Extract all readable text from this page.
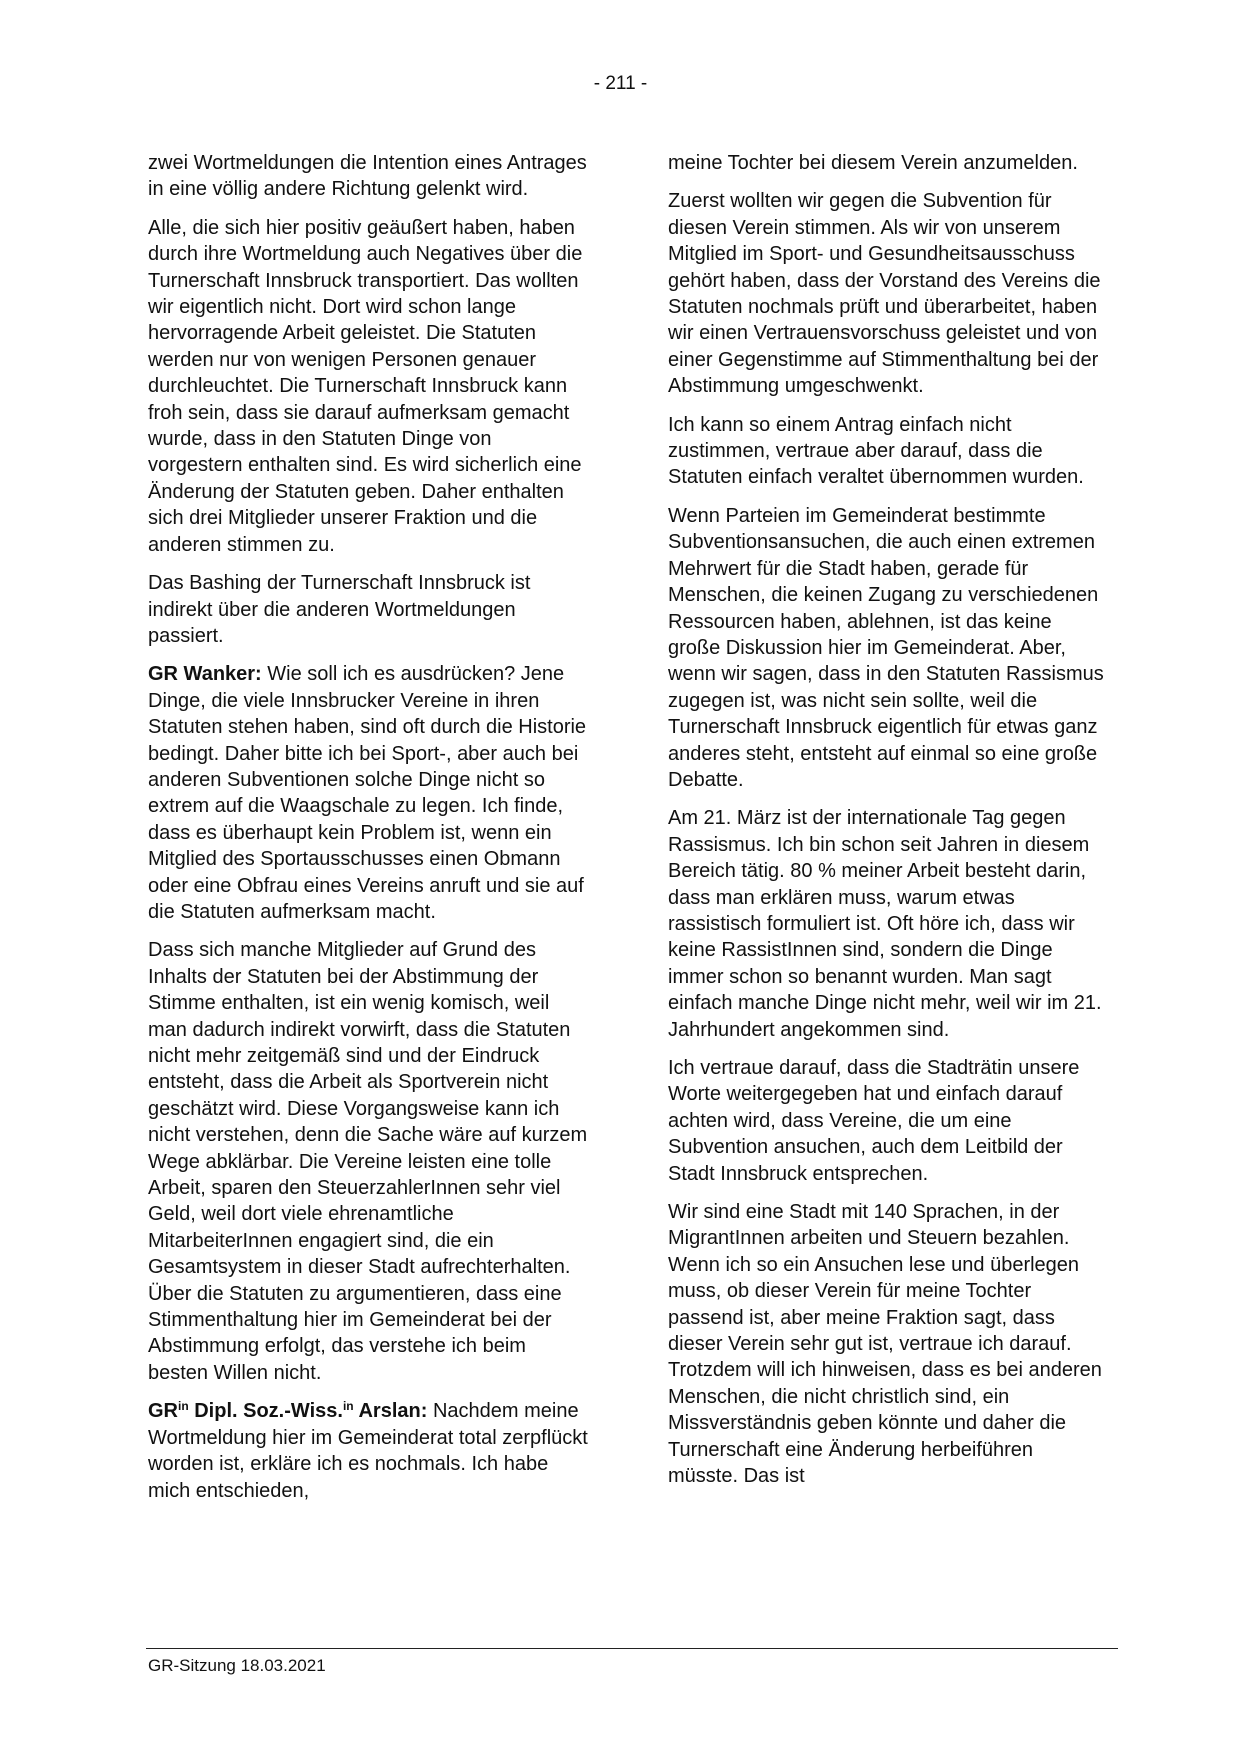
- 211 -

zwei Wortmeldungen die Intention eines Antrages in eine völlig andere Richtung gelenkt wird.

Alle, die sich hier positiv geäußert haben, haben durch ihre Wortmeldung auch Negatives über die Turnerschaft Innsbruck transportiert. Das wollten wir eigentlich nicht. Dort wird schon lange hervorragende Arbeit geleistet. Die Statuten werden nur von wenigen Personen genauer durchleuchtet. Die Turnerschaft Innsbruck kann froh sein, dass sie darauf aufmerksam gemacht wurde, dass in den Statuten Dinge von vorgestern enthalten sind. Es wird sicherlich eine Änderung der Statuten geben. Daher enthalten sich drei Mitglieder unserer Fraktion und die anderen stimmen zu.

Das Bashing der Turnerschaft Innsbruck ist indirekt über die anderen Wortmeldungen passiert.

GR Wanker: Wie soll ich es ausdrücken? Jene Dinge, die viele Innsbrucker Vereine in ihren Statuten stehen haben, sind oft durch die Historie bedingt. Daher bitte ich bei Sport-, aber auch bei anderen Subventionen solche Dinge nicht so extrem auf die Waagschale zu legen. Ich finde, dass es überhaupt kein Problem ist, wenn ein Mitglied des Sportausschusses einen Obmann oder eine Obfrau eines Vereins anruft und sie auf die Statuten aufmerksam macht.

Dass sich manche Mitglieder auf Grund des Inhalts der Statuten bei der Abstimmung der Stimme enthalten, ist ein wenig komisch, weil man dadurch indirekt vorwirft, dass die Statuten nicht mehr zeitgemäß sind und der Eindruck entsteht, dass die Arbeit als Sportverein nicht geschätzt wird. Diese Vorgangsweise kann ich nicht verstehen, denn die Sache wäre auf kurzem Wege abklärbar. Die Vereine leisten eine tolle Arbeit, sparen den SteuerzahlerInnen sehr viel Geld, weil dort viele ehrenamtliche MitarbeiterInnen engagiert sind, die ein Gesamtsystem in dieser Stadt aufrechterhalten. Über die Statuten zu argumentieren, dass eine Stimmenthaltung hier im Gemeinderat bei der Abstimmung erfolgt, das verstehe ich beim besten Willen nicht.

$GR^{in}$ Dipl. Soz.-Wiss.$^{in}$ Arslan: Nachdem meine Wortmeldung hier im Gemeinderat total zerpflückt worden ist, erkläre ich es nochmals. Ich habe mich entschieden,

meine Tochter bei diesem Verein anzumelden.

Zuerst wollten wir gegen die Subvention für diesen Verein stimmen. Als wir von unserem Mitglied im Sport- und Gesundheitsausschuss gehört haben, dass der Vorstand des Vereins die Statuten nochmals prüft und überarbeitet, haben wir einen Vertrauensvorschuss geleistet und von einer Gegenstimme auf Stimmenthaltung bei der Abstimmung umgeschwenkt.

Ich kann so einem Antrag einfach nicht zustimmen, vertraue aber darauf, dass die Statuten einfach veraltet übernommen wurden.

Wenn Parteien im Gemeinderat bestimmte Subventionsansuchen, die auch einen extremen Mehrwert für die Stadt haben, gerade für Menschen, die keinen Zugang zu verschiedenen Ressourcen haben, ablehnen, ist das keine große Diskussion hier im Gemeinderat. Aber, wenn wir sagen, dass in den Statuten Rassismus zugegen ist, was nicht sein sollte, weil die Turnerschaft Innsbruck eigentlich für etwas ganz anderes steht, entsteht auf einmal so eine große Debatte.

Am 21. März ist der internationale Tag gegen Rassismus. Ich bin schon seit Jahren in diesem Bereich tätig. 80 % meiner Arbeit besteht darin, dass man erklären muss, warum etwas rassistisch formuliert ist. Oft höre ich, dass wir keine RassistInnen sind, sondern die Dinge immer schon so benannt wurden. Man sagt einfach manche Dinge nicht mehr, weil wir im 21. Jahrhundert angekommen sind.

Ich vertraue darauf, dass die Stadträtin unsere Worte weitergegeben hat und einfach darauf achten wird, dass Vereine, die um eine Subvention ansuchen, auch dem Leitbild der Stadt Innsbruck entsprechen.

Wir sind eine Stadt mit 140 Sprachen, in der MigrantInnen arbeiten und Steuern bezahlen. Wenn ich so ein Ansuchen lese und überlegen muss, ob dieser Verein für meine Tochter passend ist, aber meine Fraktion sagt, dass dieser Verein sehr gut ist, vertraue ich darauf. Trotzdem will ich hinweisen, dass es bei anderen Menschen, die nicht christlich sind, ein Missverständnis geben könnte und daher die Turnerschaft eine Änderung herbeiführen müsste. Das ist

GR-Sitzung 18.03.2021
